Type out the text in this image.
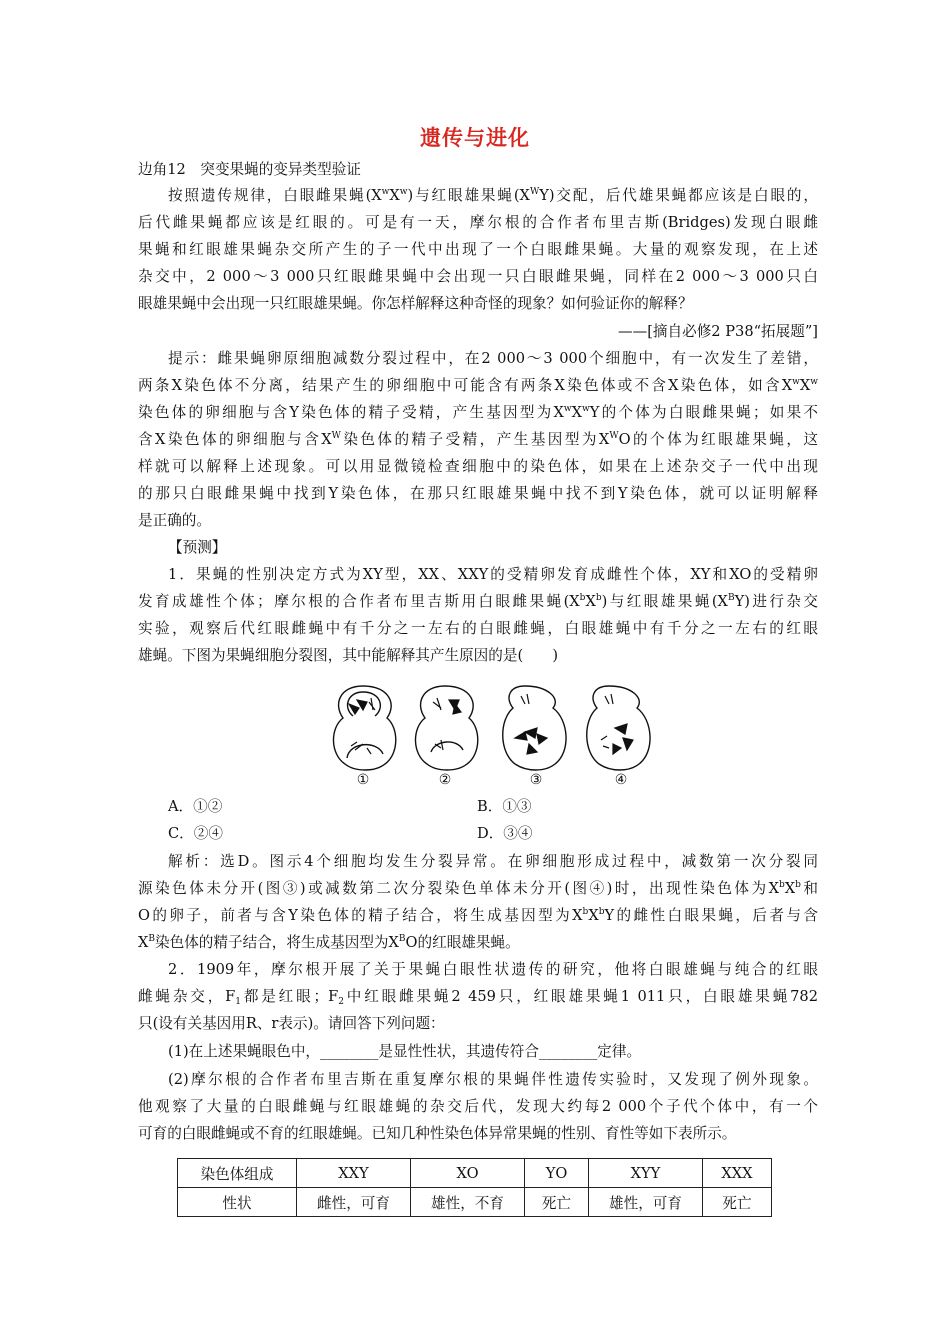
遗传与进化
边角12　突变果蝇的变异类型验证
按照遗传规律，白眼雌果蝇$(X^wX^w)$与红眼雄果蝇$(X^WY)$交配，后代雄果蝇都应该是白眼的，
后代雌果蝇都应该是红眼的。可是有一天，摩尔根的合作者布里吉斯(Bridges)发现白眼雌
果蝇和红眼雄果蝇杂交所产生的子一代中出现了一个白眼雌果蝇。大量的观察发现，在上述
杂交中，2 000～3 000只红眼雌果蝇中会出现一只白眼雌果蝇，同样在2 000～3 000只白
眼雄果蝇中会出现一只红眼雄果蝇。你怎样解释这种奇怪的现象？如何验证你的解释？
——[摘自必修2 P38“拓展题”]
提示：雌果蝇卵原细胞减数分裂过程中，在2 000～3 000个细胞中，有一次发生了差错，
两条X染色体不分离，结果产生的卵细胞中可能含有两条X染色体或不含X染色体，如含$X^wX^w$
染色体的卵细胞与含Y染色体的精子受精，产生基因型为$X^wX^wY$的个体为白眼雌果蝇；如果不
含X染色体的卵细胞与含$X^W$染色体的精子受精，产生基因型为$X^WO$的个体为红眼雄果蝇，这
样就可以解释上述现象。可以用显微镜检查细胞中的染色体，如果在上述杂交子一代中出现
的那只白眼雌果蝇中找到Y染色体，在那只红眼雄果蝇中找不到Y染色体，就可以证明解释
是正确的。
【预测】
1．果蝇的性别决定方式为XY型，XX、XXY的受精卵发育成雌性个体，XY和XO的受精卵
发育成雄性个体；摩尔根的合作者布里吉斯用白眼雌果蝇$(X^bX^b)$与红眼雄果蝇$(X^BY)$进行杂交
实验，观察后代红眼雌蝇中有千分之一左右的白眼雌蝇，白眼雄蝇中有千分之一左右的红眼
雄蝇。下图为果蝇细胞分裂图，其中能解释其产生原因的是(　　)
①	②	③	④
A．①②	B．①③
C．②④	D．③④
解析：选D。图示4个细胞均发生分裂异常。在卵细胞形成过程中，减数第一次分裂同
源染色体未分开(图③)或减数第二次分裂染色单体未分开(图④)时，出现性染色体为$X^bX^b$和
O的卵子，前者与含Y染色体的精子结合，将生成基因型为$X^bX^bY$的雌性白眼果蝇，后者与含
$X^B$染色体的精子结合，将生成基因型为$X^BO$的红眼雄果蝇。
2．1909年，摩尔根开展了关于果蝇白眼性状遗传的研究，他将白眼雄蝇与纯合的红眼
雌蝇杂交，$F_1$都是红眼；$F_2$中红眼雌果蝇2 459只，红眼雄果蝇1 011只，白眼雄果蝇782
只(设有关基因用R、r表示)。请回答下列问题：
(1)在上述果蝇眼色中，________是显性性状，其遗传符合________定律。
(2)摩尔根的合作者布里吉斯在重复摩尔根的果蝇伴性遗传实验时，又发现了例外现象。
他观察了大量的白眼雌蝇与红眼雄蝇的杂交后代，发现大约每2 000个子代个体中，有一个
可育的白眼雌蝇或不育的红眼雄蝇。已知几种性染色体异常果蝇的性别、育性等如下表所示。
染色体组成	XXY	XO	YO	XYY	XXX
性状	雌性，可育	雄性，不育	死亡	雄性，可育	死亡
